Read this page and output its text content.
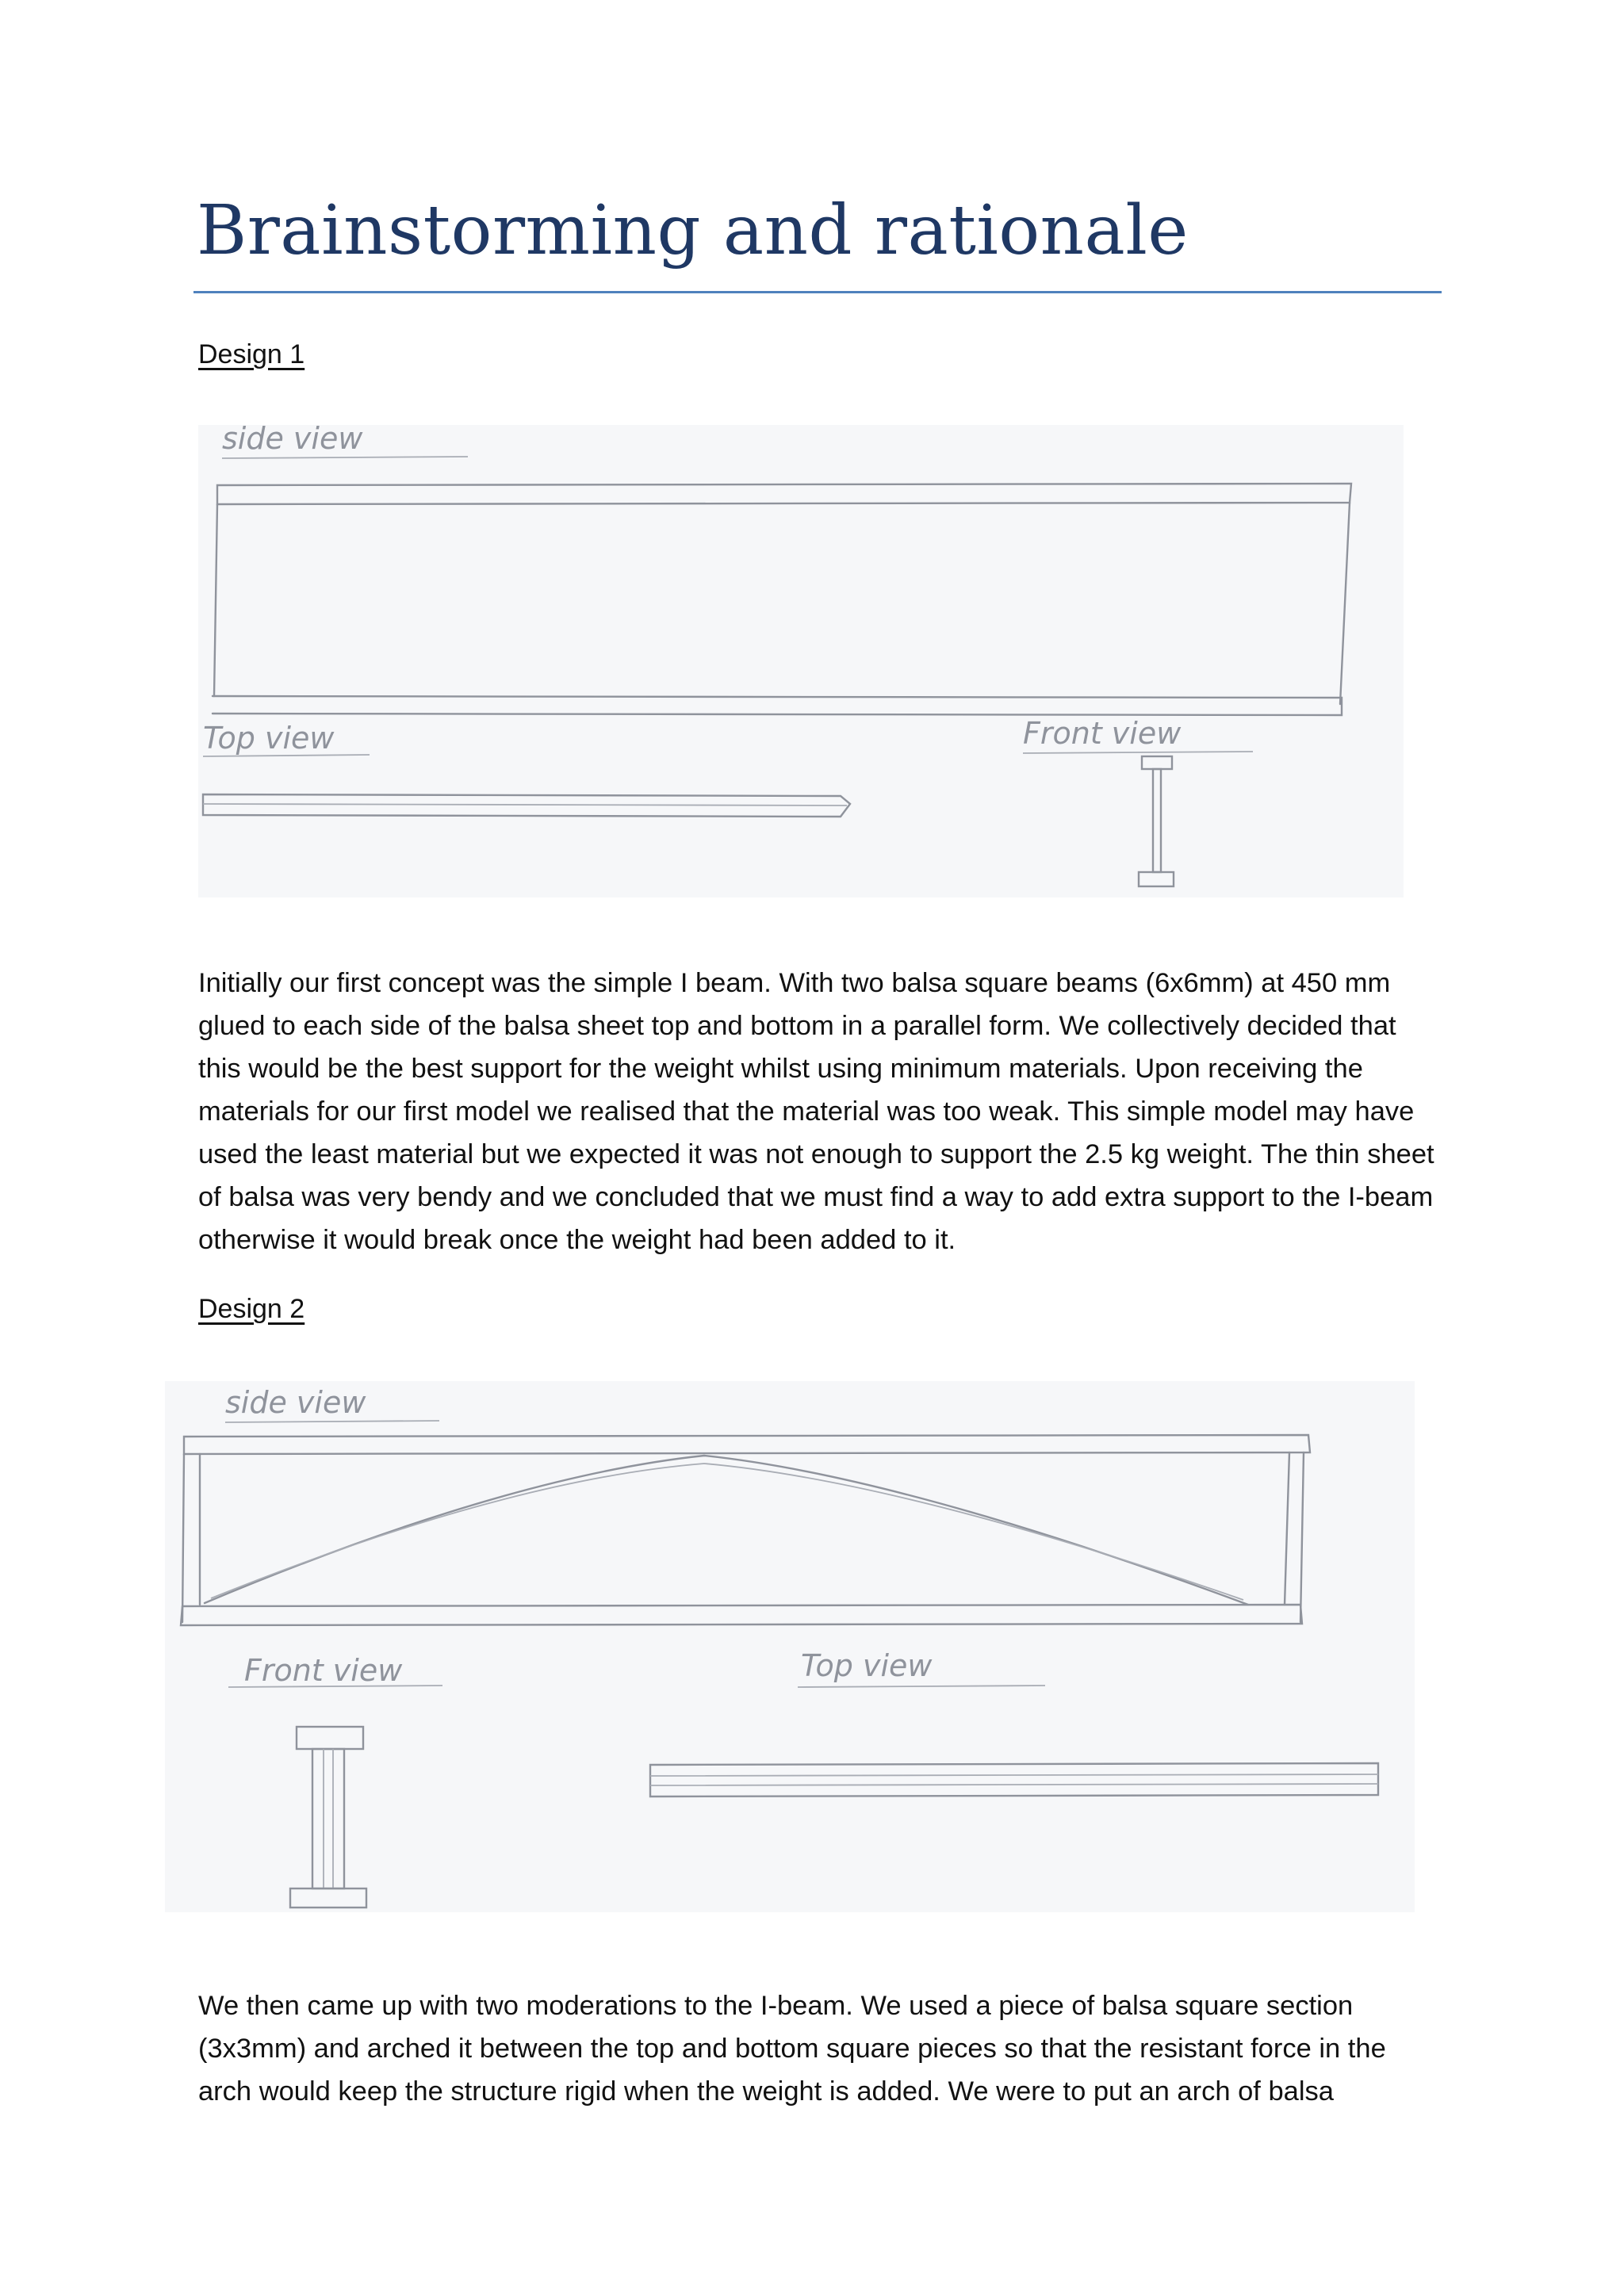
Brainstorming and rationale
Design 1
side view
Top view	Front view

Initially our first concept was the simple I beam. With two balsa square beams (6x6mm) at 450 mm glued to each side of the balsa sheet top and bottom in a parallel form. We collectively decided that this would be the best support for the weight whilst using minimum materials. Upon receiving the materials for our first model we realised that the material was too weak. This simple model may have used the least material but we expected it was not enough to support the 2.5 kg weight. The thin sheet of balsa was very bendy and we concluded that we must find a way to add extra support to the I-beam otherwise it would break once the weight had been added to it.

Design 2
side view
Front view	Top view

We then came up with two moderations to the I-beam. We used a piece of balsa square section (3x3mm) and arched it between the top and bottom square pieces so that the resistant force in the arch would keep the structure rigid when the weight is added. We were to put an arch of balsa
